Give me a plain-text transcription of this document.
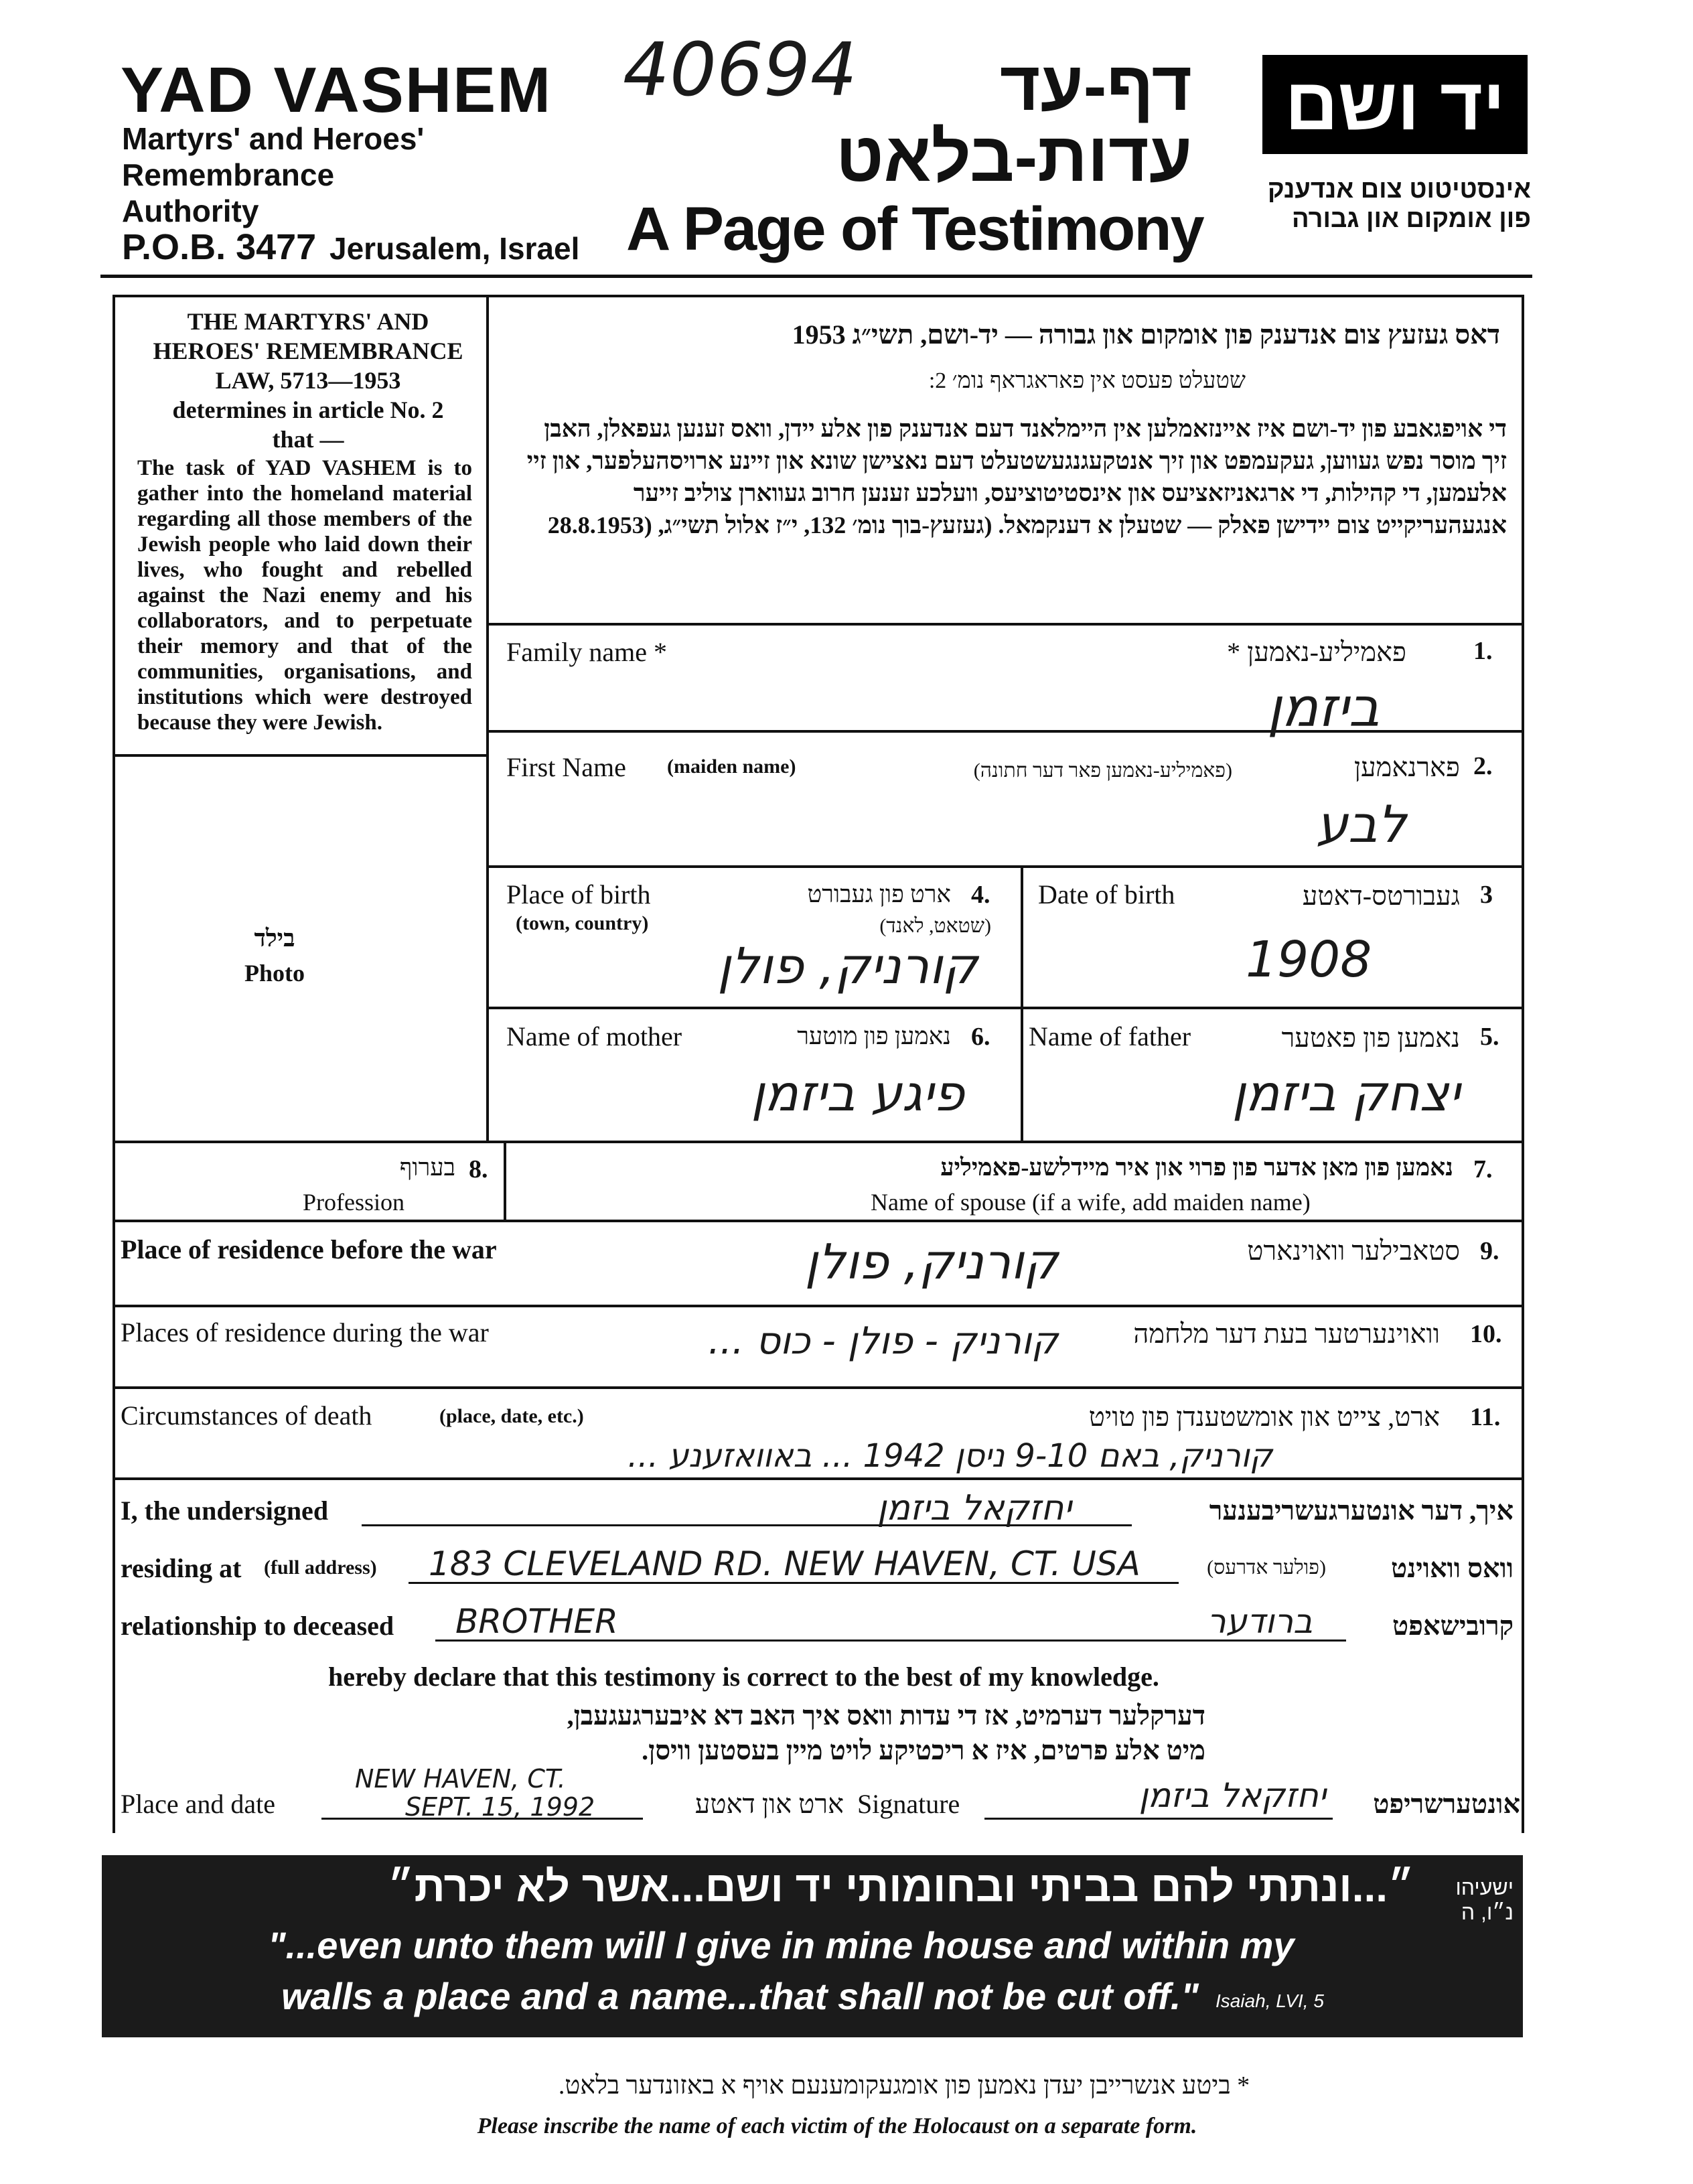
YAD VASHEM
Martyrs' and Heroes'
Remembrance
Authority
P.O.B. 3477 Jerusalem, Israel
40694	דף-עד
עדות-בלאט
A Page of Testimony
יד ושם
אינסטיטוט צום אנדענק
פון אומקום און גבורה
THE MARTYRS' AND
HEROES' REMEMBRANCE
LAW, 5713—1953
determines in article No. 2
that —
The task of YAD VASHEM is to gather into the homeland material regarding all those members of the Jewish people who laid down their lives, who fought and rebelled against the Nazi enemy and his collaborators, and to perpetuate their memory and that of the communities, organisations, and institutions which were destroyed because they were Jewish.
דאס געזעץ צום אנדענק פון אומקום און גבורה — יד-ושם, תשי״ג 1953
שטעלט פעסט אין פאראגראף נומ׳ 2:
די אויפגאבע פון יד-ושם איז איינזאמלען אין היימלאנד דעם אנדענק פון אלע יידן, וואס זענען געפאלן, האבן זיך מוסר נפש געווען, געקעמפט און זיך אנטקעגנגעשטעלט דעם נאצישן שונא און זיינע ארויסהעלפער, און זיי אלעמען, די קהילות, די ארגאניזאציעס און אינסטיטוציעס, וועלכע זענען חרוב געווארן צוליב זייער אנגעהעריקייט צום יידישן פאלק — שטעלן א דענקמאל. (געזעץ-בוך נומ׳ 132, י״ז אלול תשי״ג, (28.8.1953
בילד
Photo
Family name *	פאמיליע-נאמען *	1.
ביזמן
First Name (maiden name)	(פאמיליע-נאמען פאר דער חתונה)	פארנאמען 2.
לבע
Place of birth
(town, country)
ארט פון געבורט
(שטאט, לאנד)
4.
קורניק, פולן
Date of birth	געבורטס-דאטע 3
1908
Name of mother	נאמען פון מוטער 6.
פיגע ביזמן
Name of father	נאמען פון פאטער 5.
יצחק ביזמן
בערוף 8.
Profession
נאמען פון מאן אדער פון פרוי און איר מיידלשע-פאמיליע 7.
Name of spouse (if a wife, add maiden name)
Place of residence before the war	סטאבילער וואוינארט 9.
קורניק, פולן
Places of residence during the war	וואוינערטער בעת דער מלחמה 10.
קורניק - פולן - כוס ...
Circumstances of death	(place, date, etc.)	ארט, צייט און אומשטענדן פון טויט 11.
קורניק, באם 9-10 ניסן 1942 ... באוואזענע ...
I, the undersigned	יחזקאל ביזמן	איך, דער אונטערגעשריבענער
residing at (full address) 183 CLEVELAND RD. NEW HAVEN, CT. USA	(פולער אדרעס)	וואס וואוינט
relationship to deceased BROTHER	ברודער	קרובישאפט
hereby declare that this testimony is correct to the best of my knowledge.
דערקלער דערמיט, אז די עדות וואס איך האב דא איבערגעגעבן,
מיט אלע פרטים, איז א ריכטיקע לויט מיין בעסטען וויסן.
Place and date
NEW HAVEN, CT.
SEPT. 15, 1992	ארט און דאטע Signature	יחזקאל ביזמן	אונטערשריפט
״...ונתתי להם בביתי ובחומותי יד ושם...אשר לא יכרת״	ישעיהו נ״ו, ה
"...even unto them will I give in mine house and within my
walls a place and a name...that shall not be cut off." Isaiah, LVI, 5
* ביטע אנשרייבן יעדן נאמען פון אומגעקומענעם אויף א באזונדער בלאט.
Please inscribe the name of each victim of the Holocaust on a separate form.
